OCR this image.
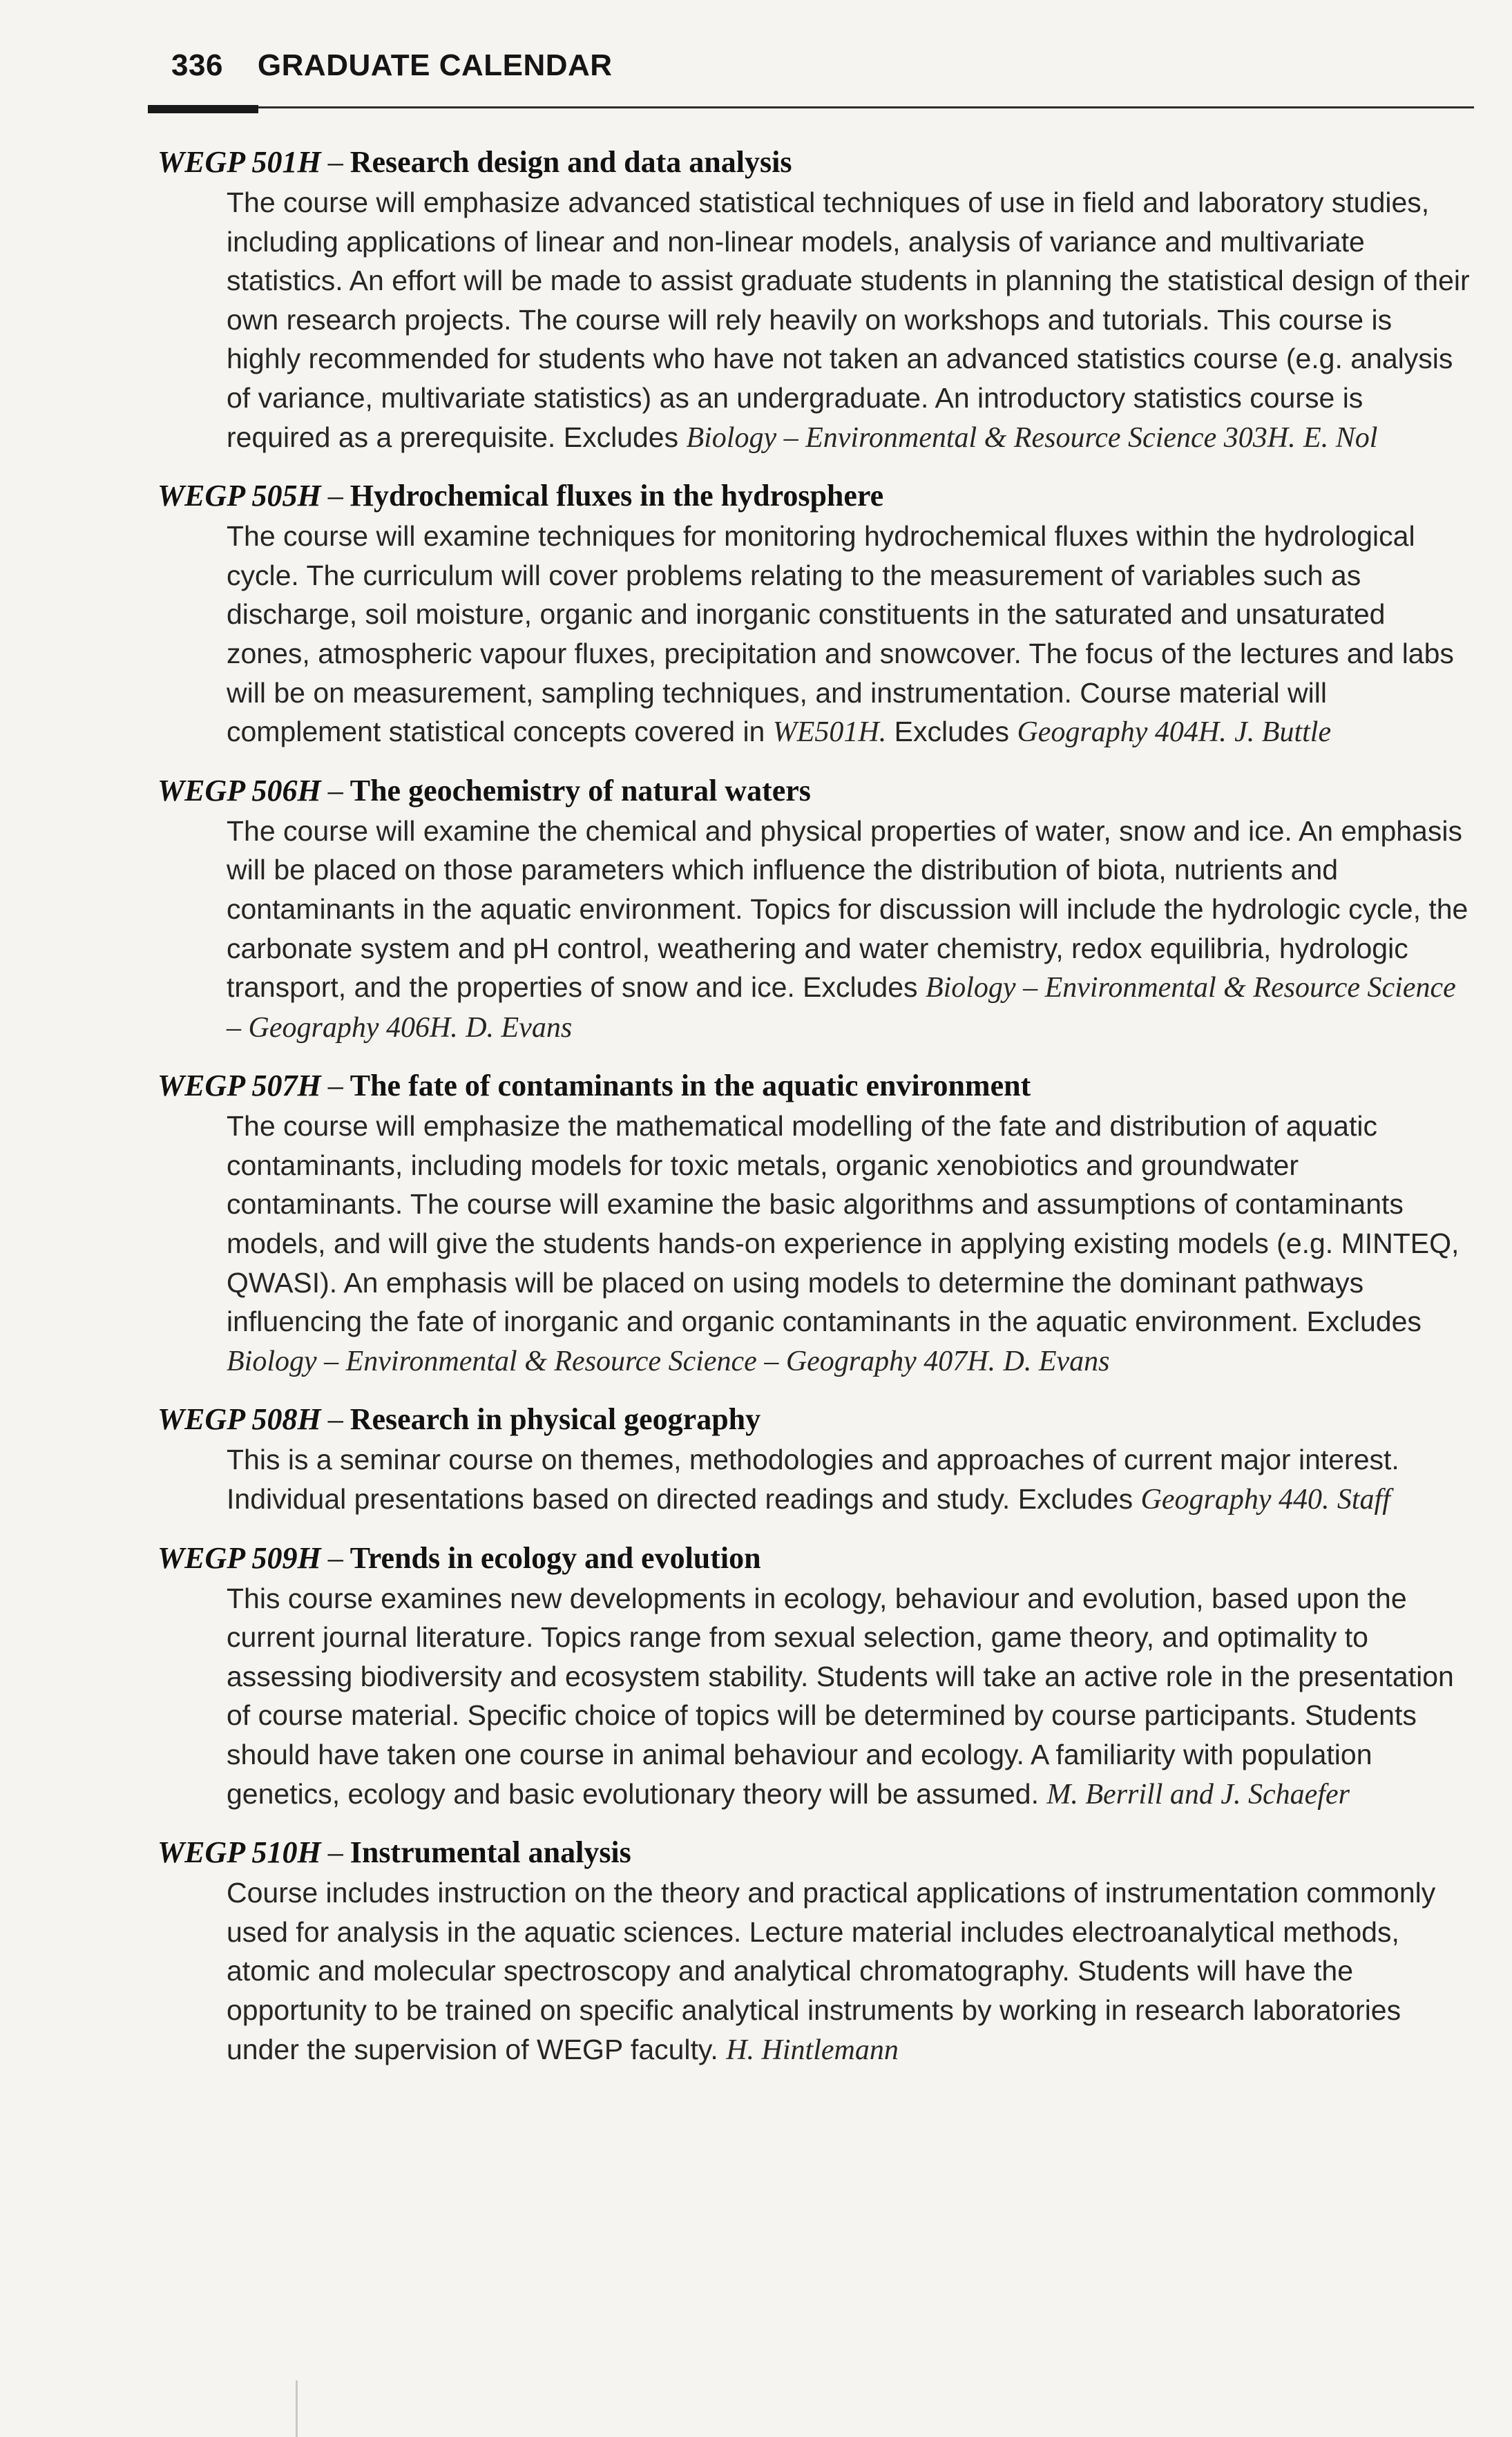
336 GRADUATE CALENDAR
WEGP 501H – Research design and data analysis
The course will emphasize advanced statistical techniques of use in field and laboratory studies, including applications of linear and non-linear models, analysis of variance and multivariate statistics. An effort will be made to assist graduate students in planning the statistical design of their own research projects. The course will rely heavily on workshops and tutorials. This course is highly recommended for students who have not taken an advanced statistics course (e.g. analysis of variance, multivariate statistics) as an undergraduate. An introductory statistics course is required as a prerequisite. Excludes Biology – Environmental & Resource Science 303H. E. Nol
WEGP 505H – Hydrochemical fluxes in the hydrosphere
The course will examine techniques for monitoring hydrochemical fluxes within the hydrological cycle. The curriculum will cover problems relating to the measurement of variables such as discharge, soil moisture, organic and inorganic constituents in the saturated and unsaturated zones, atmospheric vapour fluxes, precipitation and snowcover. The focus of the lectures and labs will be on measurement, sampling techniques, and instrumentation. Course material will complement statistical concepts covered in WE501H. Excludes Geography 404H. J. Buttle
WEGP 506H – The geochemistry of natural waters
The course will examine the chemical and physical properties of water, snow and ice. An emphasis will be placed on those parameters which influence the distribution of biota, nutrients and contaminants in the aquatic environment. Topics for discussion will include the hydrologic cycle, the carbonate system and pH control, weathering and water chemistry, redox equilibria, hydrologic transport, and the properties of snow and ice. Excludes Biology – Environmental & Resource Science – Geography 406H. D. Evans
WEGP 507H – The fate of contaminants in the aquatic environment
The course will emphasize the mathematical modelling of the fate and distribution of aquatic contaminants, including models for toxic metals, organic xenobiotics and groundwater contaminants. The course will examine the basic algorithms and assumptions of contaminants models, and will give the students hands-on experience in applying existing models (e.g. MINTEQ, QWASI). An emphasis will be placed on using models to determine the dominant pathways influencing the fate of inorganic and organic contaminants in the aquatic environment. Excludes Biology – Environmental & Resource Science – Geography 407H. D. Evans
WEGP 508H – Research in physical geography
This is a seminar course on themes, methodologies and approaches of current major interest. Individual presentations based on directed readings and study. Excludes Geography 440. Staff
WEGP 509H – Trends in ecology and evolution
This course examines new developments in ecology, behaviour and evolution, based upon the current journal literature. Topics range from sexual selection, game theory, and optimality to assessing biodiversity and ecosystem stability. Students will take an active role in the presentation of course material. Specific choice of topics will be determined by course participants. Students should have taken one course in animal behaviour and ecology. A familiarity with population genetics, ecology and basic evolutionary theory will be assumed. M. Berrill and J. Schaefer
WEGP 510H – Instrumental analysis
Course includes instruction on the theory and practical applications of instrumentation commonly used for analysis in the aquatic sciences. Lecture material includes electroanalytical methods, atomic and molecular spectroscopy and analytical chromatography. Students will have the opportunity to be trained on specific analytical instruments by working in research laboratories under the supervision of WEGP faculty. H. Hintlemann
